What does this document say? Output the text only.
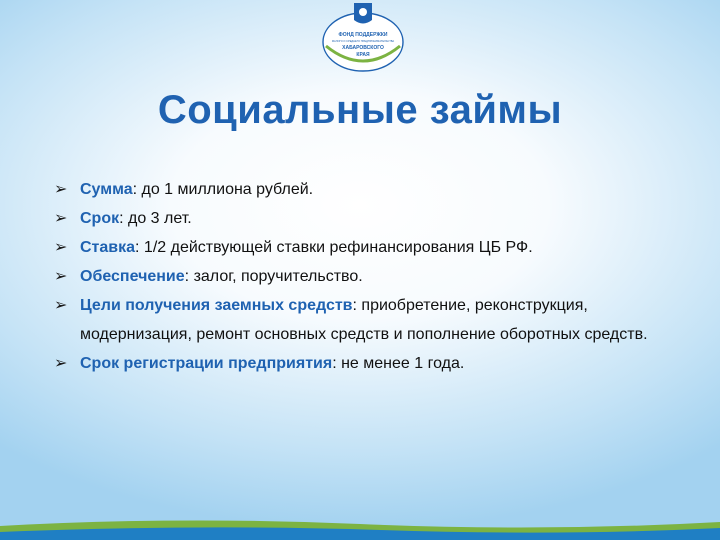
ФОНД ПОДДЕРЖКИ
МАЛОГО И СРЕДНЕГО ПРЕДПРИНИМАТЕЛЬСТВА
ХАБАРОВСКОГО
КРАЯ
Социальные займы
➢ Сумма: до 1 миллиона рублей.
➢ Срок: до 3 лет.
➢ Ставка: 1/2 действующей ставки рефинансирования ЦБ РФ.
➢ Обеспечение: залог, поручительство.
➢ Цели получения заемных средств: приобретение, реконструкция, модернизация, ремонт основных средств и пополнение оборотных средств.
➢ Срок регистрации предприятия: не менее 1 года.
